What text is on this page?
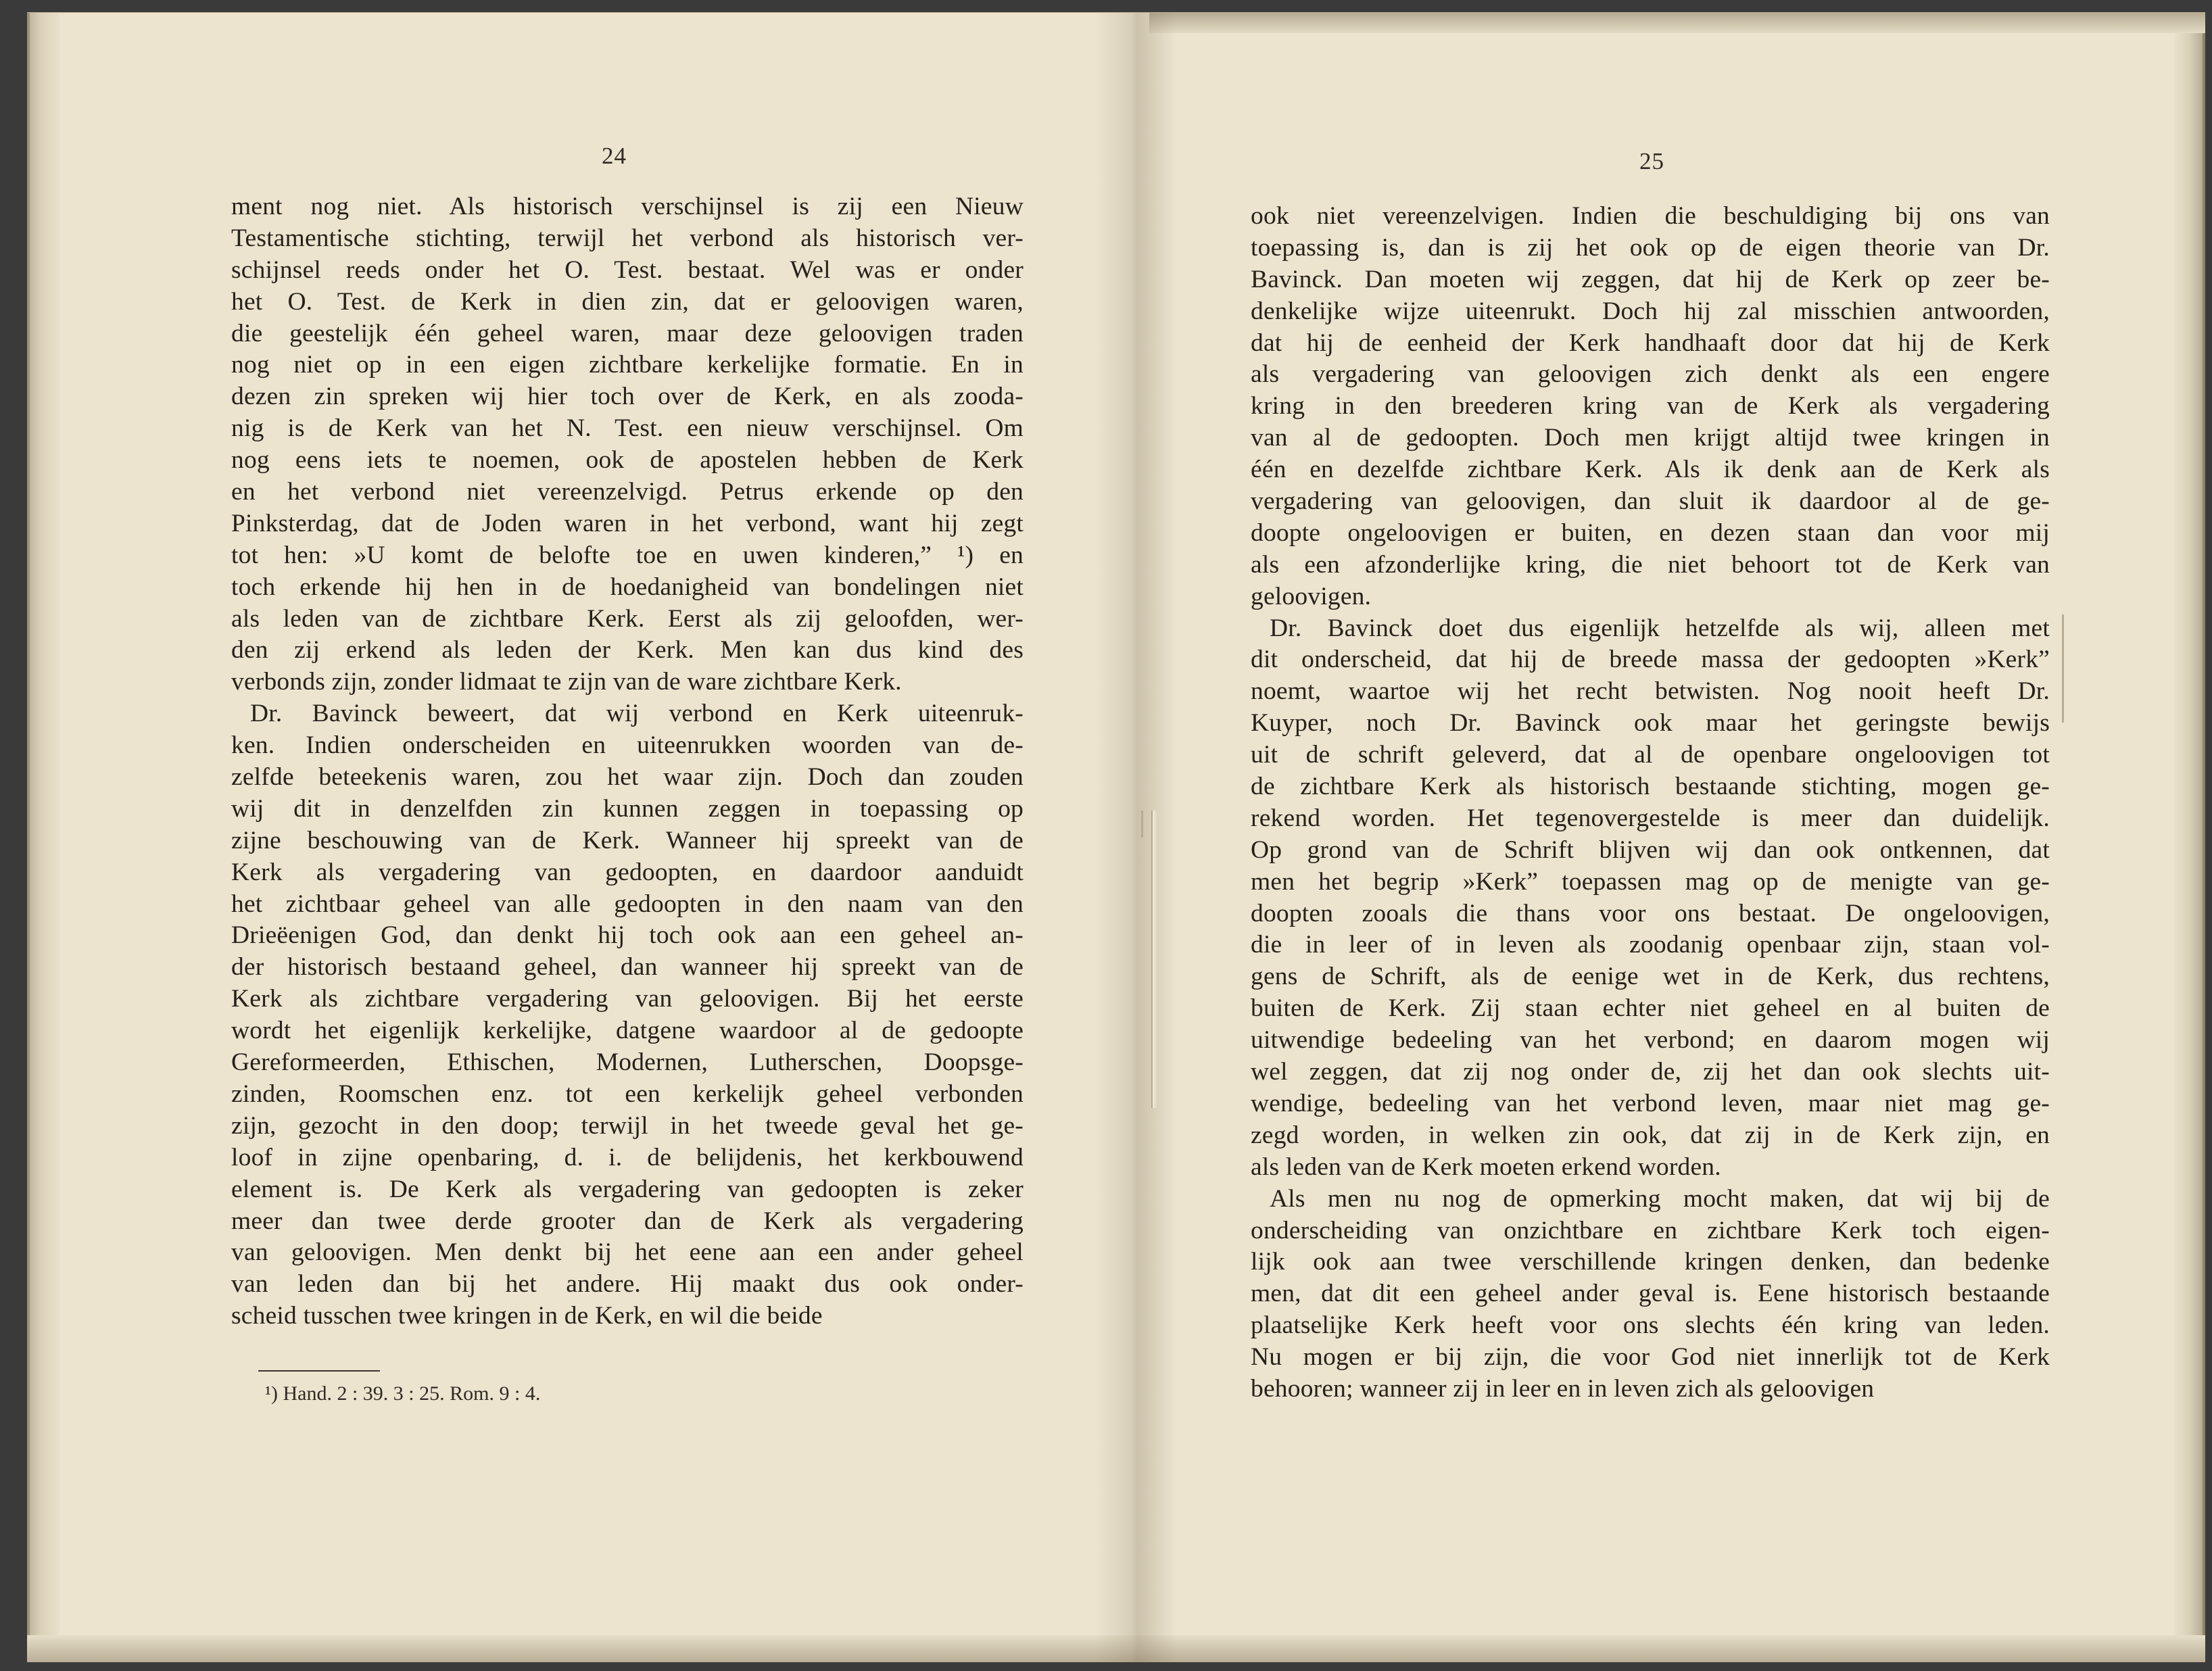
24	25
ment nog niet. Als historisch verschijnsel is zij een Nieuw
Testamentische stichting, terwijl het verbond als historisch ver-
schijnsel reeds onder het O. Test. bestaat. Wel was er onder
het O. Test. de Kerk in dien zin, dat er geloovigen waren,
die geestelijk één geheel waren, maar deze geloovigen traden
nog niet op in een eigen zichtbare kerkelijke formatie. En in
dezen zin spreken wij hier toch over de Kerk, en als zooda-
nig is de Kerk van het N. Test. een nieuw verschijnsel. Om
nog eens iets te noemen, ook de apostelen hebben de Kerk
en het verbond niet vereenzelvigd. Petrus erkende op den
Pinksterdag, dat de Joden waren in het verbond, want hij zegt
tot hen: »U komt de belofte toe en uwen kinderen,” ¹) en
toch erkende hij hen in de hoedanigheid van bondelingen niet
als leden van de zichtbare Kerk. Eerst als zij geloofden, wer-
den zij erkend als leden der Kerk. Men kan dus kind des
verbonds zijn, zonder lidmaat te zijn van de ware zichtbare Kerk.
Dr. Bavinck beweert, dat wij verbond en Kerk uiteenruk-
ken. Indien onderscheiden en uiteenrukken woorden van de-
zelfde beteekenis waren, zou het waar zijn. Doch dan zouden
wij dit in denzelfden zin kunnen zeggen in toepassing op
zijne beschouwing van de Kerk. Wanneer hij spreekt van de
Kerk als vergadering van gedoopten, en daardoor aanduidt
het zichtbaar geheel van alle gedoopten in den naam van den
Drieëenigen God, dan denkt hij toch ook aan een geheel an-
der historisch bestaand geheel, dan wanneer hij spreekt van de
Kerk als zichtbare vergadering van geloovigen. Bij het eerste
wordt het eigenlijk kerkelijke, datgene waardoor al de gedoopte
Gereformeerden, Ethischen, Modernen, Lutherschen, Doopsge-
zinden, Roomschen enz. tot een kerkelijk geheel verbonden
zijn, gezocht in den doop; terwijl in het tweede geval het ge-
loof in zijne openbaring, d. i. de belijdenis, het kerkbouwend
element is. De Kerk als vergadering van gedoopten is zeker
meer dan twee derde grooter dan de Kerk als vergadering
van geloovigen. Men denkt bij het eene aan een ander geheel
van leden dan bij het andere. Hij maakt dus ook onder-
scheid tusschen twee kringen in de Kerk, en wil die beide
ook niet vereenzelvigen. Indien die beschuldiging bij ons van
toepassing is, dan is zij het ook op de eigen theorie van Dr.
Bavinck. Dan moeten wij zeggen, dat hij de Kerk op zeer be-
denkelijke wijze uiteenrukt. Doch hij zal misschien antwoorden,
dat hij de eenheid der Kerk handhaaft door dat hij de Kerk
als vergadering van geloovigen zich denkt als een engere
kring in den breederen kring van de Kerk als vergadering
van al de gedoopten. Doch men krijgt altijd twee kringen in
één en dezelfde zichtbare Kerk. Als ik denk aan de Kerk als
vergadering van geloovigen, dan sluit ik daardoor al de ge-
doopte ongeloovigen er buiten, en dezen staan dan voor mij
als een afzonderlijke kring, die niet behoort tot de Kerk van
geloovigen.
Dr. Bavinck doet dus eigenlijk hetzelfde als wij, alleen met
dit onderscheid, dat hij de breede massa der gedoopten »Kerk”
noemt, waartoe wij het recht betwisten. Nog nooit heeft Dr.
Kuyper, noch Dr. Bavinck ook maar het geringste bewijs
uit de schrift geleverd, dat al de openbare ongeloovigen tot
de zichtbare Kerk als historisch bestaande stichting, mogen ge-
rekend worden. Het tegenovergestelde is meer dan duidelijk.
Op grond van de Schrift blijven wij dan ook ontkennen, dat
men het begrip »Kerk” toepassen mag op de menigte van ge-
doopten zooals die thans voor ons bestaat. De ongeloovigen,
die in leer of in leven als zoodanig openbaar zijn, staan vol-
gens de Schrift, als de eenige wet in de Kerk, dus rechtens,
buiten de Kerk. Zij staan echter niet geheel en al buiten de
uitwendige bedeeling van het verbond; en daarom mogen wij
wel zeggen, dat zij nog onder de, zij het dan ook slechts uit-
wendige, bedeeling van het verbond leven, maar niet mag ge-
zegd worden, in welken zin ook, dat zij in de Kerk zijn, en
als leden van de Kerk moeten erkend worden.
Als men nu nog de opmerking mocht maken, dat wij bij de
onderscheiding van onzichtbare en zichtbare Kerk toch eigen-
lijk ook aan twee verschillende kringen denken, dan bedenke
men, dat dit een geheel ander geval is. Eene historisch bestaande
plaatselijke Kerk heeft voor ons slechts één kring van leden.
Nu mogen er bij zijn, die voor God niet innerlijk tot de Kerk
behooren; wanneer zij in leer en in leven zich als geloovigen
¹) Hand. 2 : 39. 3 : 25. Rom. 9 : 4.
